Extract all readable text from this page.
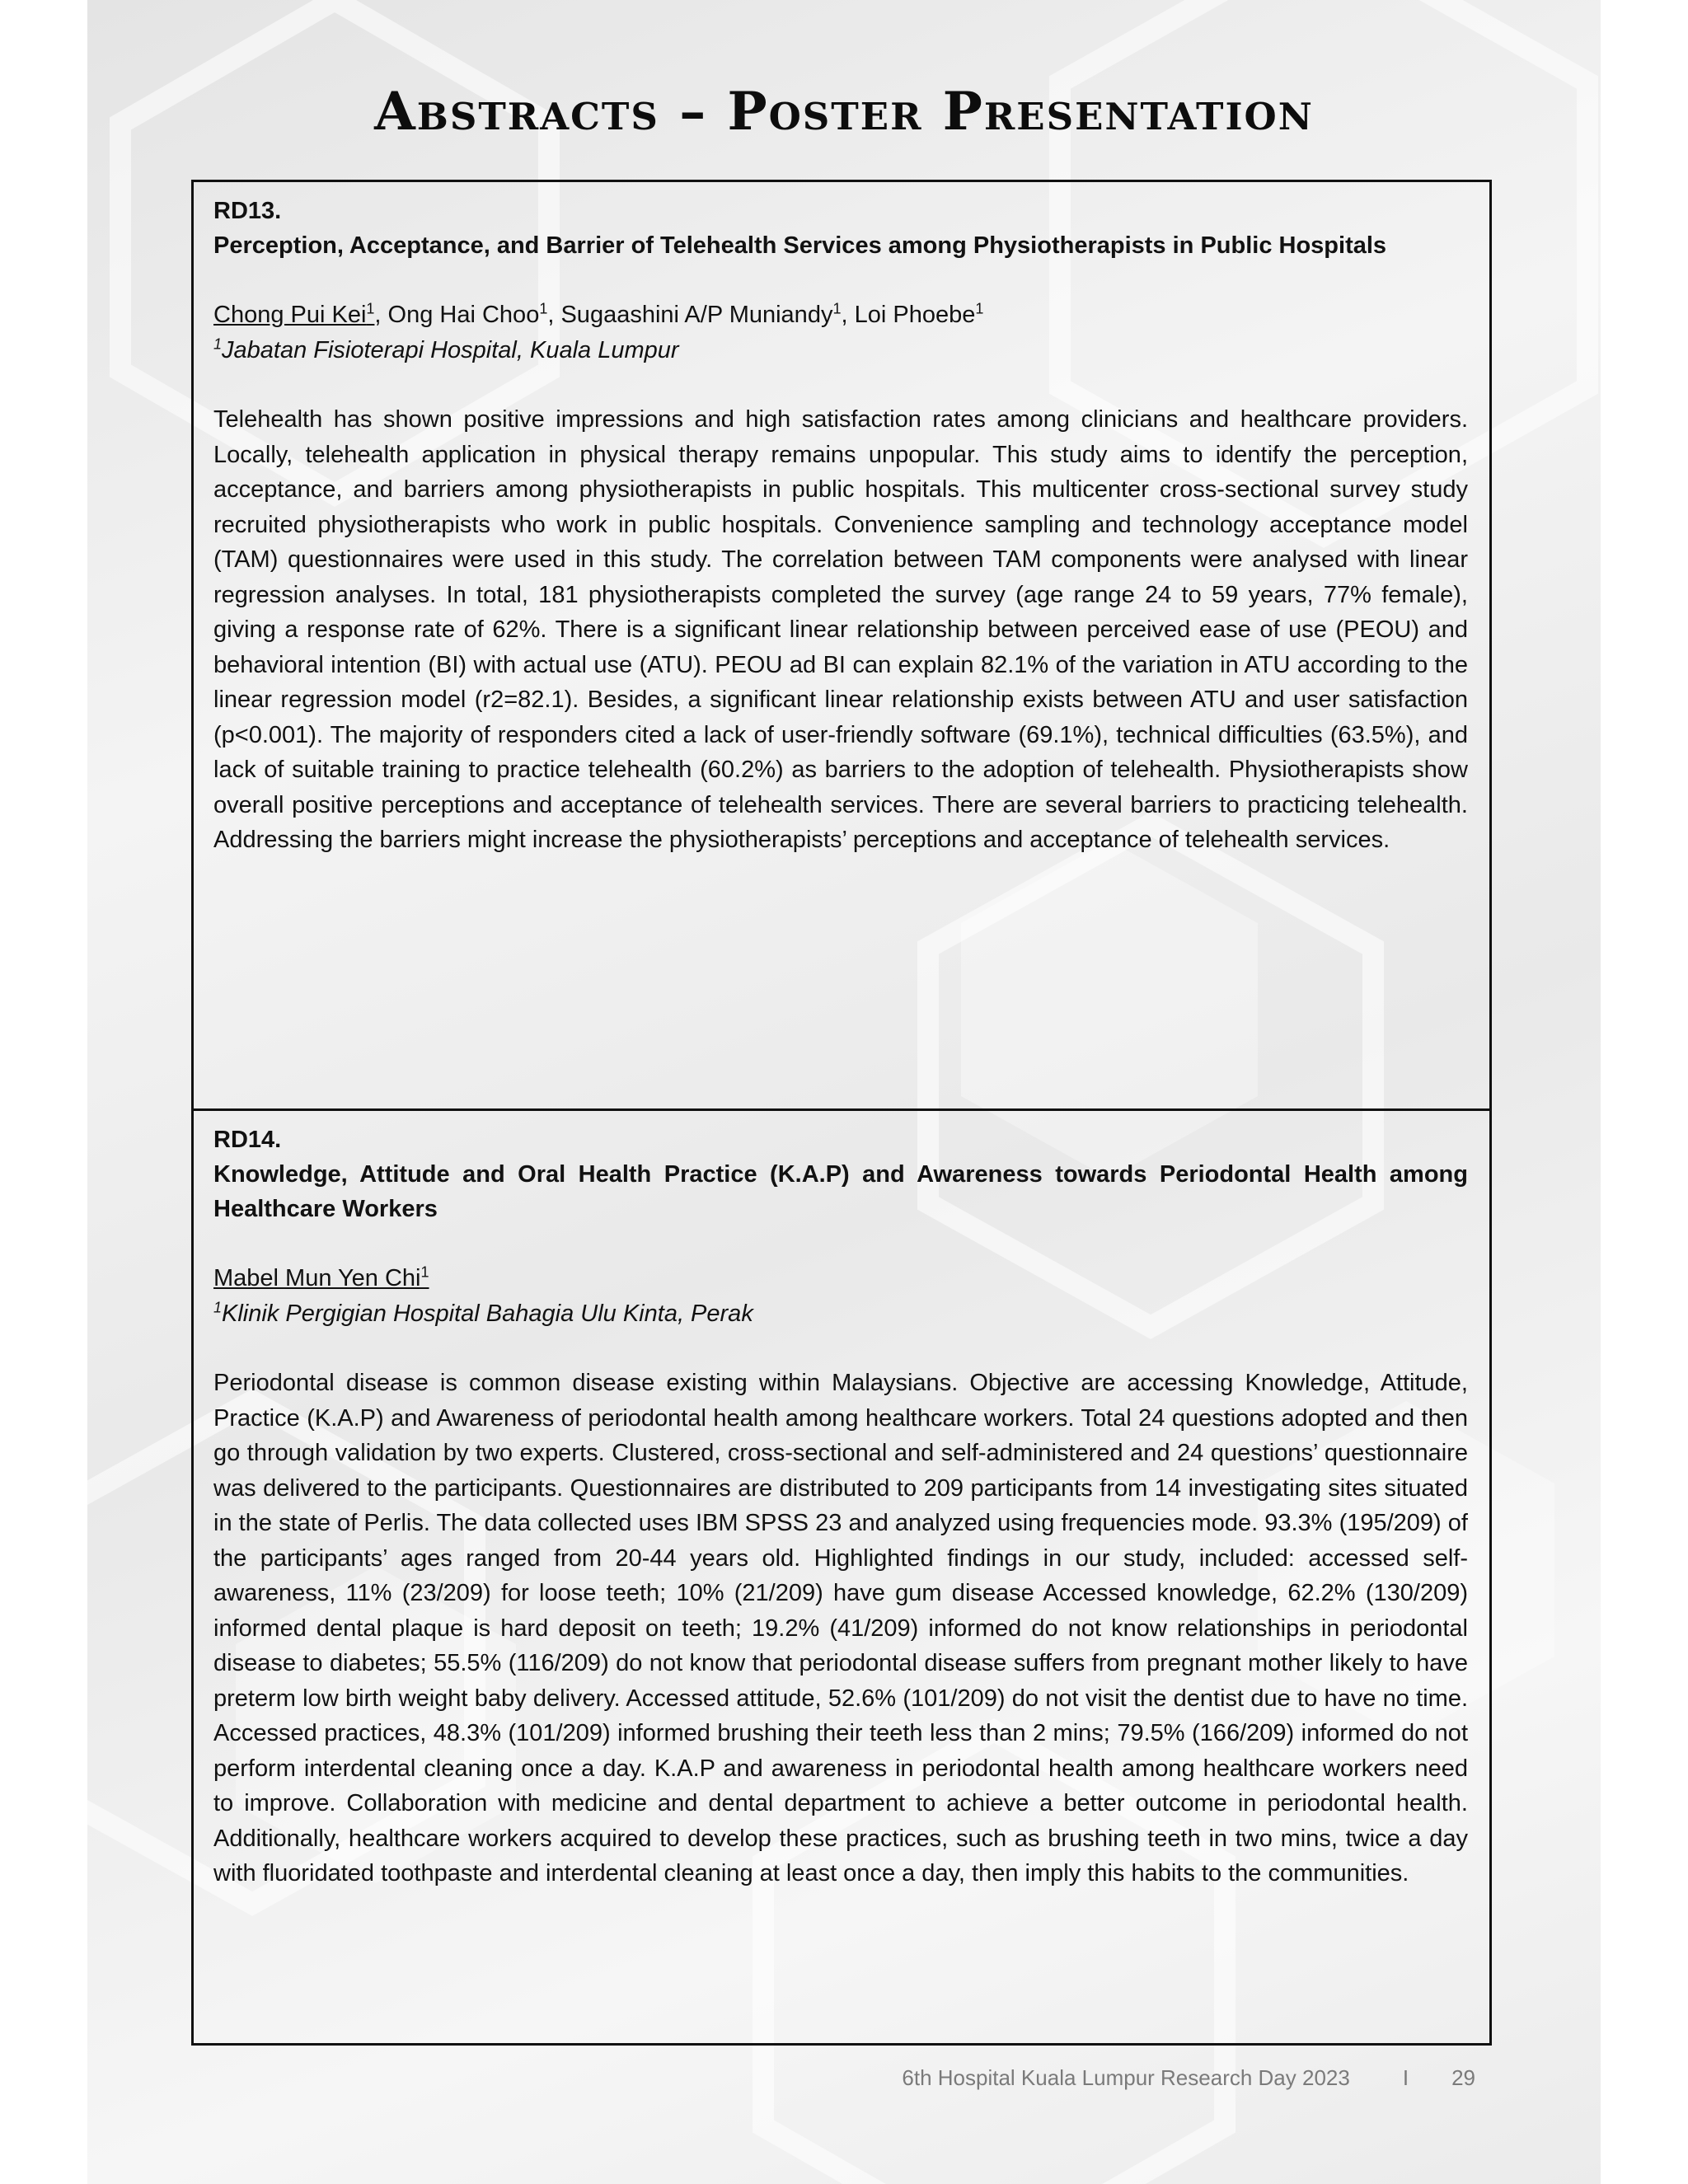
Abstracts – Poster Presentation
RD13.
Perception, Acceptance, and Barrier of Telehealth Services among Physiotherapists in Public Hospitals
Chong Pui Kei$^1$, Ong Hai Choo$^1$, Sugaashini A/P Muniandy$^1$, Loi Phoebe$^1$
$^1$Jabatan Fisioterapi Hospital, Kuala Lumpur
Telehealth has shown positive impressions and high satisfaction rates among clinicians and healthcare providers. Locally, telehealth application in physical therapy remains unpopular. This study aims to identify the perception, acceptance, and barriers among physiotherapists in public hospitals. This multicenter cross-sectional survey study recruited physiotherapists who work in public hospitals. Convenience sampling and technology acceptance model (TAM) questionnaires were used in this study. The correlation between TAM components were analysed with linear regression analyses. In total, 181 physiotherapists completed the survey (age range 24 to 59 years, 77% female), giving a response rate of 62%. There is a significant linear relationship between perceived ease of use (PEOU) and behavioral intention (BI) with actual use (ATU). PEOU ad BI can explain 82.1% of the variation in ATU according to the linear regression model (r2=82.1). Besides, a significant linear relationship exists between ATU and user satisfaction (p<0.001). The majority of responders cited a lack of user-friendly software (69.1%), technical difficulties (63.5%), and lack of suitable training to practice telehealth (60.2%) as barriers to the adoption of telehealth. Physiotherapists show overall positive perceptions and acceptance of telehealth services. There are several barriers to practicing telehealth. Addressing the barriers might increase the physiotherapists’ perceptions and acceptance of telehealth services.
RD14.
Knowledge, Attitude and Oral Health Practice (K.A.P) and Awareness towards Periodontal Health among Healthcare Workers
Mabel Mun Yen Chi$^1$
$^1$Klinik Pergigian Hospital Bahagia Ulu Kinta, Perak
Periodontal disease is common disease existing within Malaysians. Objective are accessing Knowledge, Attitude, Practice (K.A.P) and Awareness of periodontal health among healthcare workers. Total 24 questions adopted and then go through validation by two experts. Clustered, cross-sectional and self-administered and 24 questions’ questionnaire was delivered to the participants. Questionnaires are distributed to 209 participants from 14 investigating sites situated in the state of Perlis. The data collected uses IBM SPSS 23 and analyzed using frequencies mode. 93.3% (195/209) of the participants’ ages ranged from 20-44 years old. Highlighted findings in our study, included: accessed self-awareness, 11% (23/209) for loose teeth; 10% (21/209) have gum disease Accessed knowledge, 62.2% (130/209) informed dental plaque is hard deposit on teeth; 19.2% (41/209) informed do not know relationships in periodontal disease to diabetes; 55.5% (116/209) do not know that periodontal disease suffers from pregnant mother likely to have preterm low birth weight baby delivery. Accessed attitude, 52.6% (101/209) do not visit the dentist due to have no time. Accessed practices, 48.3% (101/209) informed brushing their teeth less than 2 mins; 79.5% (166/209) informed do not perform interdental cleaning once a day. K.A.P and awareness in periodontal health among healthcare workers need to improve. Collaboration with medicine and dental department to achieve a better outcome in periodontal health. Additionally, healthcare workers acquired to develop these practices, such as brushing teeth in two mins, twice a day with fluoridated toothpaste and interdental cleaning at least once a day, then imply this habits to the communities.
6th Hospital Kuala Lumpur Research Day 2023 I 29
